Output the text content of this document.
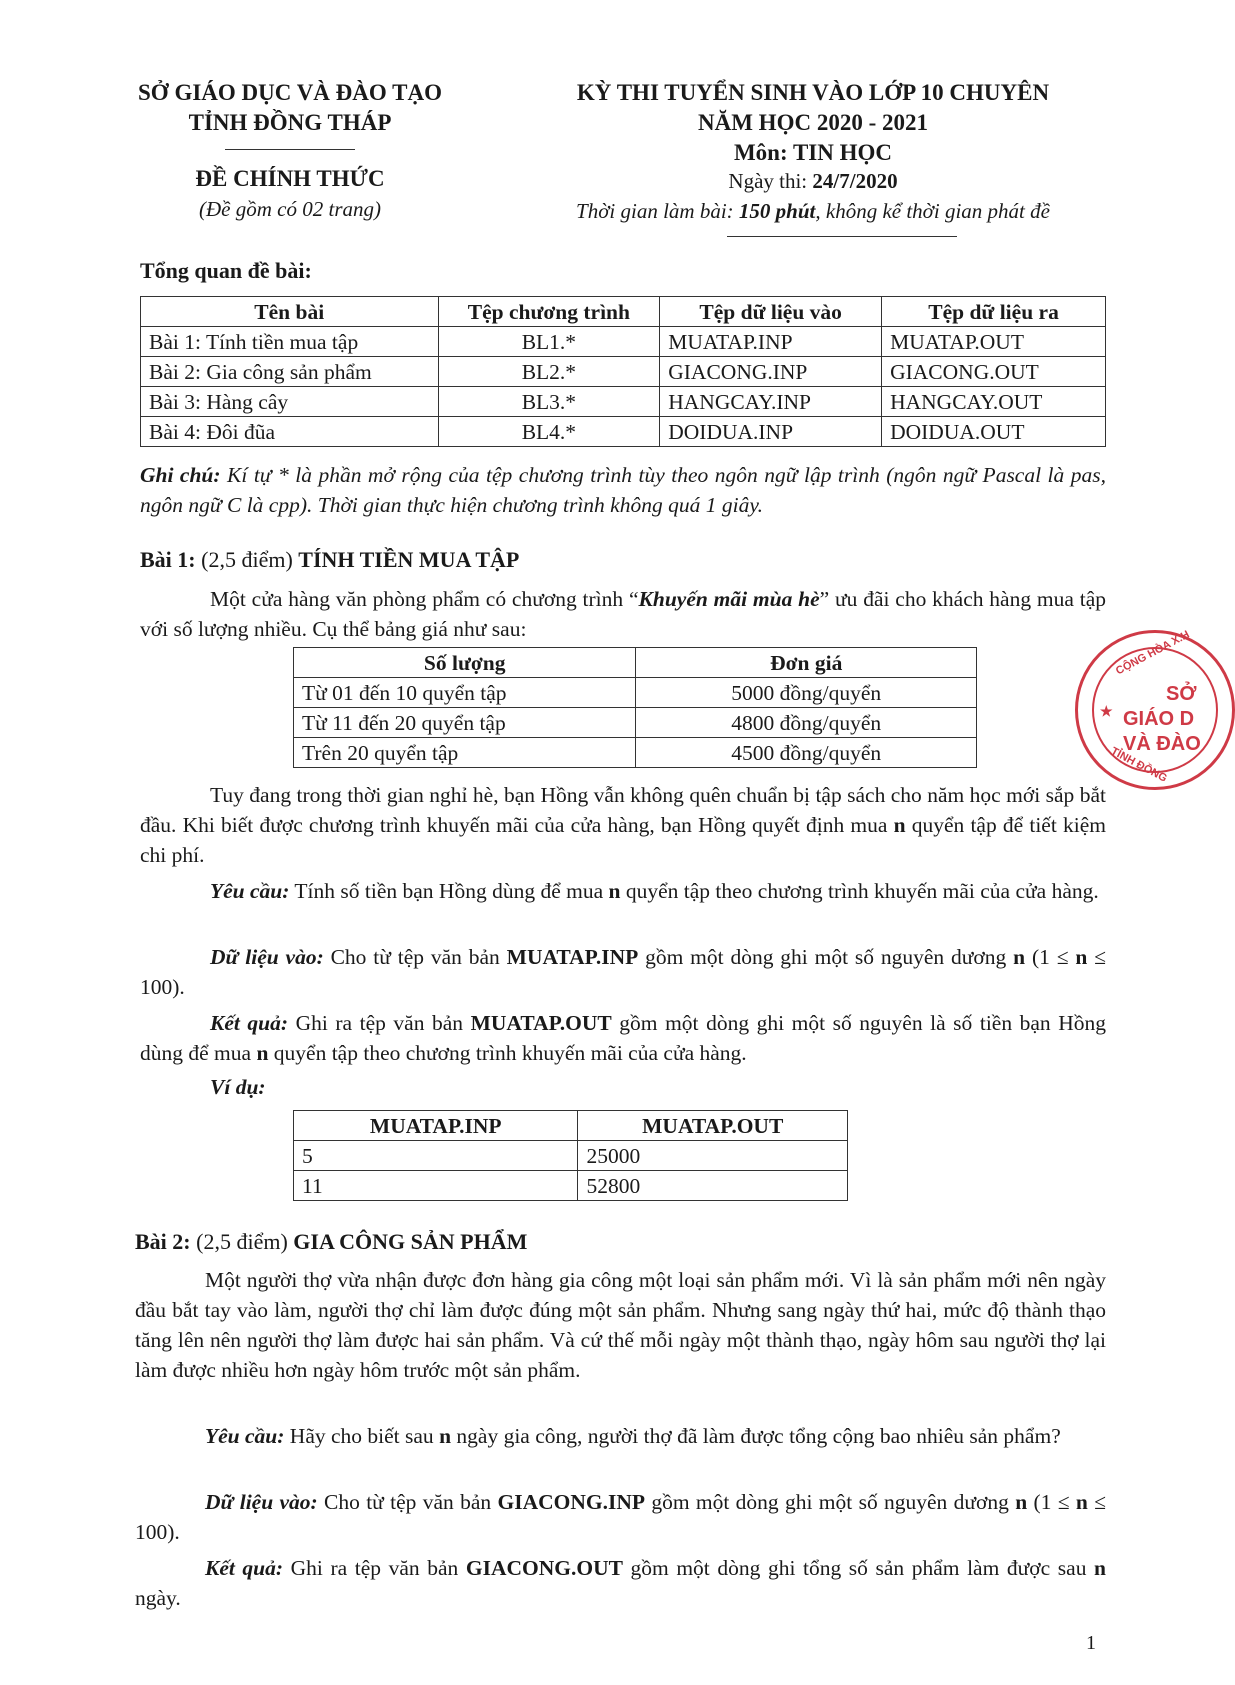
SỞ GIÁO DỤC VÀ ĐÀO TẠO
TỈNH ĐỒNG THÁP
ĐỀ CHÍNH THỨC
(Đề gồm có 02 trang)
KỲ THI TUYỂN SINH VÀO LỚP 10 CHUYÊN
NĂM HỌC 2020 - 2021
Môn: TIN HỌC
Ngày thi: 24/7/2020
Thời gian làm bài: 150 phút, không kể thời gian phát đề
Tổng quan đề bài:
Tên bài	Tệp chương trình	Tệp dữ liệu vào	Tệp dữ liệu ra
Bài 1: Tính tiền mua tập	BL1.*	MUATAP.INP	MUATAP.OUT
Bài 2: Gia công sản phẩm	BL2.*	GIACONG.INP	GIACONG.OUT
Bài 3: Hàng cây	BL3.*	HANGCAY.INP	HANGCAY.OUT
Bài 4: Đôi đũa	BL4.*	DOIDUA.INP	DOIDUA.OUT
Ghi chú: Kí tự * là phần mở rộng của tệp chương trình tùy theo ngôn ngữ lập trình (ngôn ngữ Pascal là pas, ngôn ngữ C là cpp). Thời gian thực hiện chương trình không quá 1 giây.
Bài 1: (2,5 điểm) TÍNH TIỀN MUA TẬP
Một cửa hàng văn phòng phẩm có chương trình “Khuyến mãi mùa hè” ưu đãi cho khách hàng mua tập với số lượng nhiều. Cụ thể bảng giá như sau:
Số lượng	Đơn giá
Từ 01 đến 10 quyển tập	5000 đồng/quyển
Từ 11 đến 20 quyển tập	4800 đồng/quyển
Trên 20 quyển tập	4500 đồng/quyển
Tuy đang trong thời gian nghỉ hè, bạn Hồng vẫn không quên chuẩn bị tập sách cho năm học mới sắp bắt đầu. Khi biết được chương trình khuyến mãi của cửa hàng, bạn Hồng quyết định mua n quyển tập để tiết kiệm chi phí.
Yêu cầu: Tính số tiền bạn Hồng dùng để mua n quyển tập theo chương trình khuyến mãi của cửa hàng.
Dữ liệu vào: Cho từ tệp văn bản MUATAP.INP gồm một dòng ghi một số nguyên dương n (1 ≤ n ≤ 100).
Kết quả: Ghi ra tệp văn bản MUATAP.OUT gồm một dòng ghi một số nguyên là số tiền bạn Hồng dùng để mua n quyển tập theo chương trình khuyến mãi của cửa hàng.
Ví dụ:
MUATAP.INP	MUATAP.OUT
5	25000
11	52800
Bài 2: (2,5 điểm) GIA CÔNG SẢN PHẨM
Một người thợ vừa nhận được đơn hàng gia công một loại sản phẩm mới. Vì là sản phẩm mới nên ngày đầu bắt tay vào làm, người thợ chỉ làm được đúng một sản phẩm. Nhưng sang ngày thứ hai, mức độ thành thạo tăng lên nên người thợ làm được hai sản phẩm. Và cứ thế mỗi ngày một thành thạo, ngày hôm sau người thợ lại làm được nhiều hơn ngày hôm trước một sản phẩm.
Yêu cầu: Hãy cho biết sau n ngày gia công, người thợ đã làm được tổng cộng bao nhiêu sản phẩm?
Dữ liệu vào: Cho từ tệp văn bản GIACONG.INP gồm một dòng ghi một số nguyên dương n (1 ≤ n ≤ 100).
Kết quả: Ghi ra tệp văn bản GIACONG.OUT gồm một dòng ghi tổng số sản phẩm làm được sau n ngày.
1
CỘNG HÒA X.H
SỞ
GIÁO D
VÀ ĐÀO
TỈNH ĐỒNG
★
